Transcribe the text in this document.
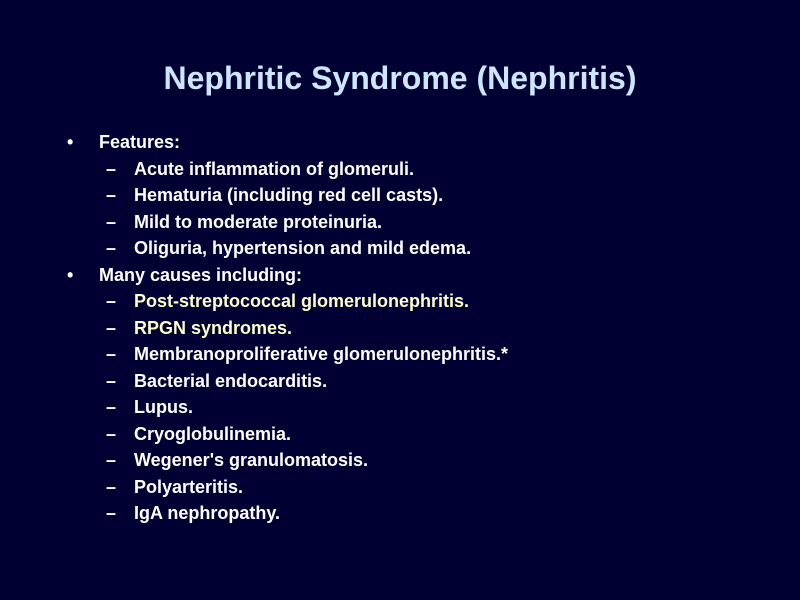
Nephritic Syndrome (Nephritis)
• Features:
– Acute inflammation of glomeruli.
– Hematuria (including red cell casts).
– Mild to moderate proteinuria.
– Oliguria, hypertension and mild edema.
• Many causes including:
– Post-streptococcal glomerulonephritis.
– RPGN syndromes.
– Membranoproliferative glomerulonephritis.*
– Bacterial endocarditis.
– Lupus.
– Cryoglobulinemia.
– Wegener's granulomatosis.
– Polyarteritis.
– IgA nephropathy.
